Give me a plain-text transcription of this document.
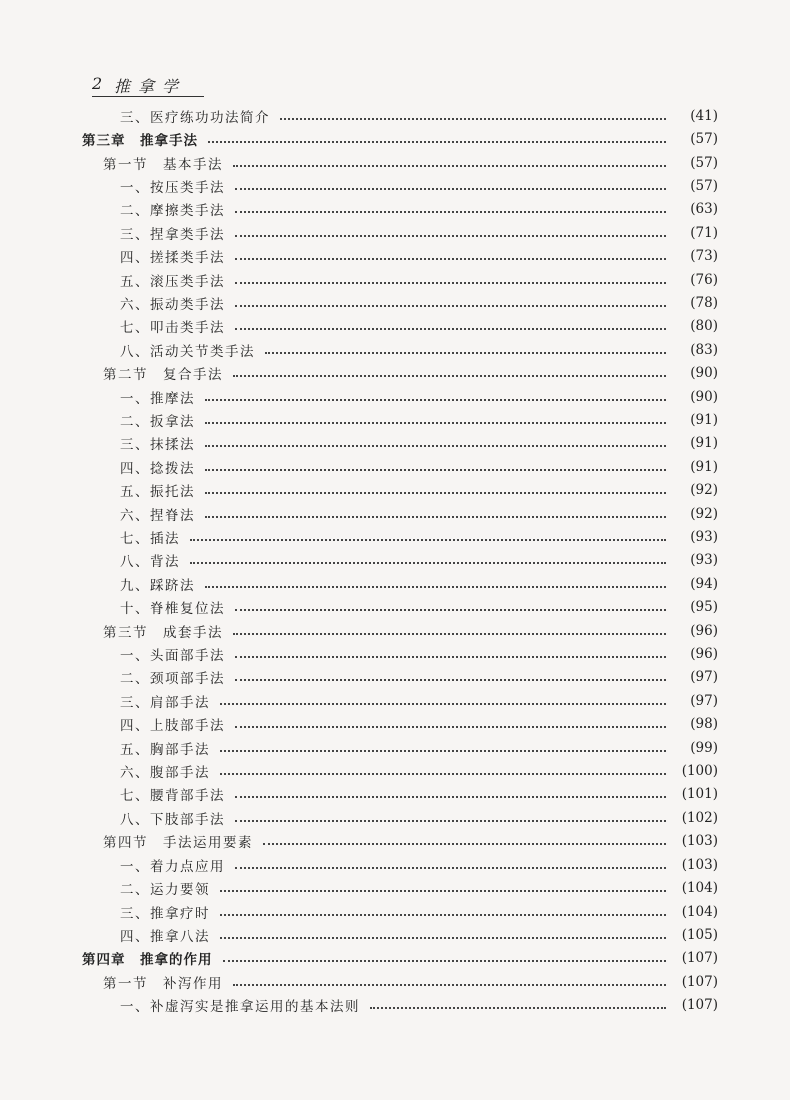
2 推拿学
三、医疗练功功法简介	(41)
第三章　推拿手法	(57)
第一节　基本手法	(57)
一、按压类手法	(57)
二、摩擦类手法	(63)
三、捏拿类手法	(71)
四、搓揉类手法	(73)
五、滚压类手法	(76)
六、振动类手法	(78)
七、叩击类手法	(80)
八、活动关节类手法	(83)
第二节　复合手法	(90)
一、推摩法	(90)
二、扳拿法	(91)
三、抹揉法	(91)
四、捻拨法	(91)
五、振托法	(92)
六、捏脊法	(92)
七、插法	(93)
八、背法	(93)
九、踩跻法	(94)
十、脊椎复位法	(95)
第三节　成套手法	(96)
一、头面部手法	(96)
二、颈项部手法	(97)
三、肩部手法	(97)
四、上肢部手法	(98)
五、胸部手法	(99)
六、腹部手法	(100)
七、腰背部手法	(101)
八、下肢部手法	(102)
第四节　手法运用要素	(103)
一、着力点应用	(103)
二、运力要领	(104)
三、推拿疗时	(104)
四、推拿八法	(105)
第四章　推拿的作用	(107)
第一节　补泻作用	(107)
一、补虚泻实是推拿运用的基本法则	(107)
